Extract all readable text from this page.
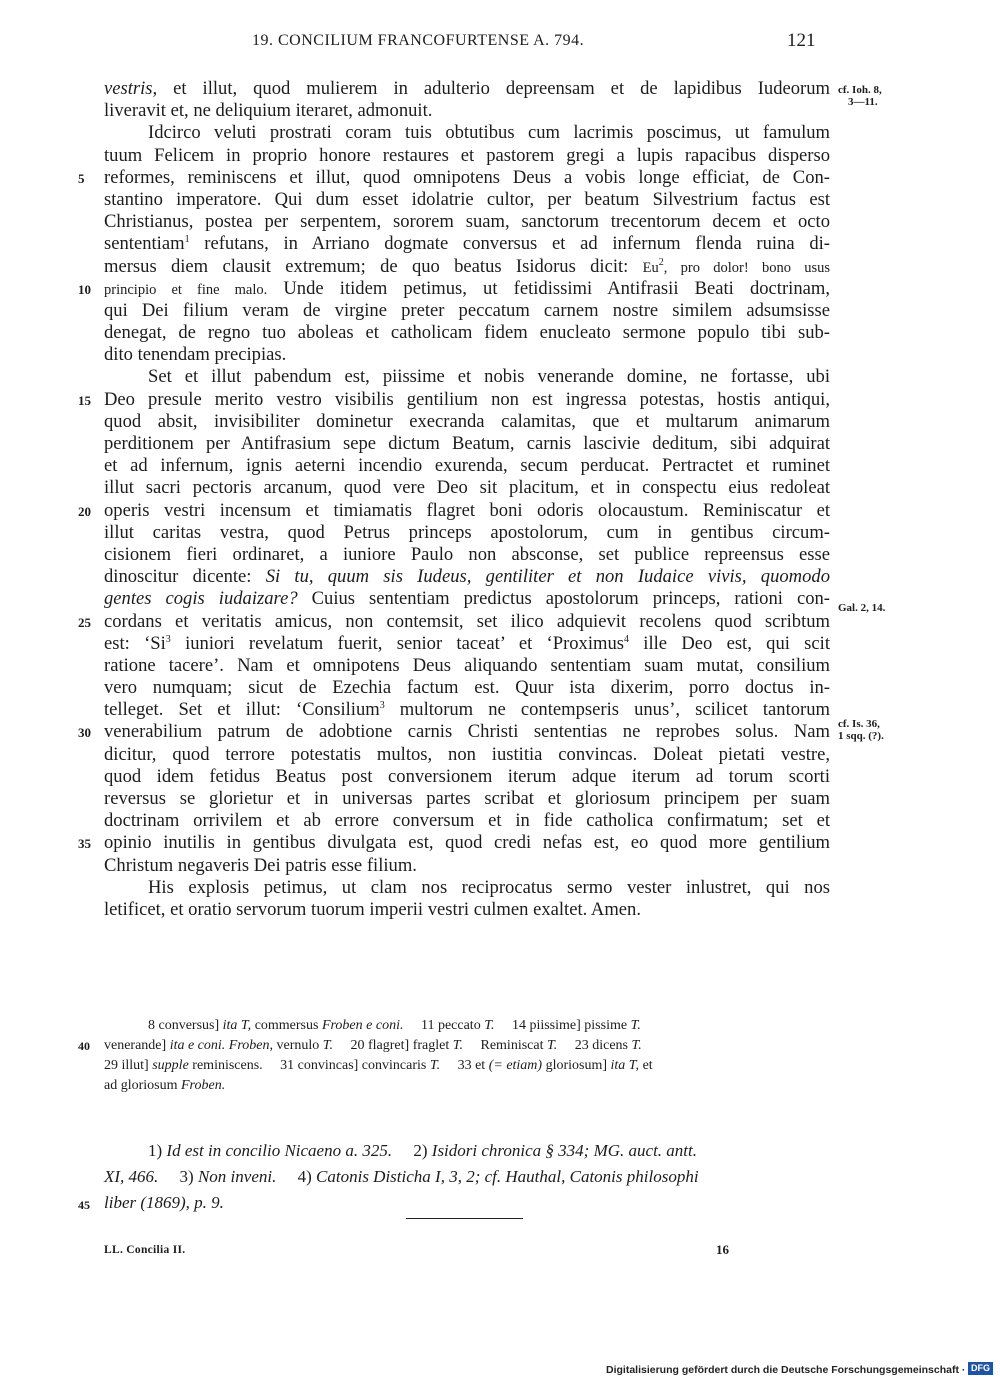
19. CONCILIUM FRANCOFURTENSE A. 794.	121
vestris, et illut, quod mulierem in adulterio depreensam et de lapidibus Iudeorum
liveravit et, ne deliquium iteraret, admonuit.
Idcirco veluti prostrati coram tuis obtutibus cum lacrimis poscimus, ut famulum
tuum Felicem in proprio honore restaures et pastorem gregi a lupis rapacibus disperso
5 reformes, reminiscens et illut, quod omnipotens Deus a vobis longe efficiat, de Con-
stantino imperatore. Qui dum esset idolatrie cultor, per beatum Silvestrium factus est
Christianus, postea per serpentem, sororem suam, sanctorum trecentorum decem et octo
sententiam$^1$ refutans, in Arriano dogmate conversus et ad infernum flenda ruina di-
mersus diem clausit extremum; de quo beatus Isidorus dicit: Eu$^2$, pro dolor! bono usus
10 principio et fine malo. Unde itidem petimus, ut fetidissimi Antifrasii Beati doctrinam,
qui Dei filium veram de virgine preter peccatum carnem nostre similem adsumsisse
denegat, de regno tuo aboleas et catholicam fidem enucleato sermone populo tibi sub-
dito tenendam precipias.
Set et illut pabendum est, piissime et nobis venerande domine, ne fortasse, ubi
15 Deo presule merito vestro visibilis gentilium non est ingressa potestas, hostis antiqui,
quod absit, invisibiliter dominetur execranda calamitas, que et multarum animarum
perditionem per Antifrasium sepe dictum Beatum, carnis lascivie deditum, sibi adquirat
et ad infernum, ignis aeterni incendio exurenda, secum perducat. Pertractet et ruminet
illut sacri pectoris arcanum, quod vere Deo sit placitum, et in conspectu eius redoleat
20 operis vestri incensum et timiamatis flagret boni odoris olocaustum. Reminiscatur et
illut caritas vestra, quod Petrus princeps apostolorum, cum in gentibus circum-
cisionem fieri ordinaret, a iuniore Paulo non absconse, set publice repreensus esse
dinoscitur dicente: Si tu, quum sis Iudeus, gentiliter et non Iudaice vivis, quomodo
gentes cogis iudaizare? Cuius sententiam predictus apostolorum princeps, rationi con-
25 cordans et veritatis amicus, non contemsit, set ilico adquievit recolens quod scribtum
est: ‘Si$^3$ iuniori revelatum fuerit, senior taceat’ et ‘Proximus$^4$ ille Deo est, qui scit
ratione tacere’. Nam et omnipotens Deus aliquando sententiam suam mutat, consilium
vero numquam; sicut de Ezechia factum est. Quur ista dixerim, porro doctus in-
telleget. Set et illut: ‘Consilium$^3$ multorum ne contempseris unus’, scilicet tantorum
30 venerabilium patrum de adobtione carnis Christi sententias ne reprobes solus. Nam
dicitur, quod terrore potestatis multos, non iustitia convincas. Doleat pietati vestre,
quod idem fetidus Beatus post conversionem iterum adque iterum ad torum scorti
reversus se glorietur et in universas partes scribat et gloriosum principem per suam
doctrinam orrivilem et ab errore conversum et in fide catholica confirmatum; set et
35 opinio inutilis in gentibus divulgata est, quod credi nefas est, eo quod more gentilium
Christum negaveris Dei patris esse filium.
His explosis petimus, ut clam nos reciprocatus sermo vester inlustret, qui nos
letificet, et oratio servorum tuorum imperii vestri culmen exaltet. Amen.
cf. Ioh. 8,
3—11.
Gal. 2, 14.
cf. Is. 36,
1 sqq. (?).
8 conversus] ita T, commersus Froben e coni.     11 peccato T.     14 piissime] pissime T.
40 venerande] ita e coni. Froben, vernulo T.     20 flagret] fraglet T.     Reminiscat T.     23 dicens T.
29 illut] supple reminiscens.     31 convincas] convincaris T.     33 et (= etiam) gloriosum] ita T, et
ad gloriosum Froben.
1) Id est in concilio Nicaeno a. 325.     2) Isidori chronica § 334; MG. auct. antt.
XI, 466.     3) Non inveni.     4) Catonis Disticha I, 3, 2; cf. Hauthal, Catonis philosophi
45 liber (1869), p. 9.
LL. Concilia II.	16
Digitalisierung gefördert durch die Deutsche Forschungsgemeinschaft · DFG
